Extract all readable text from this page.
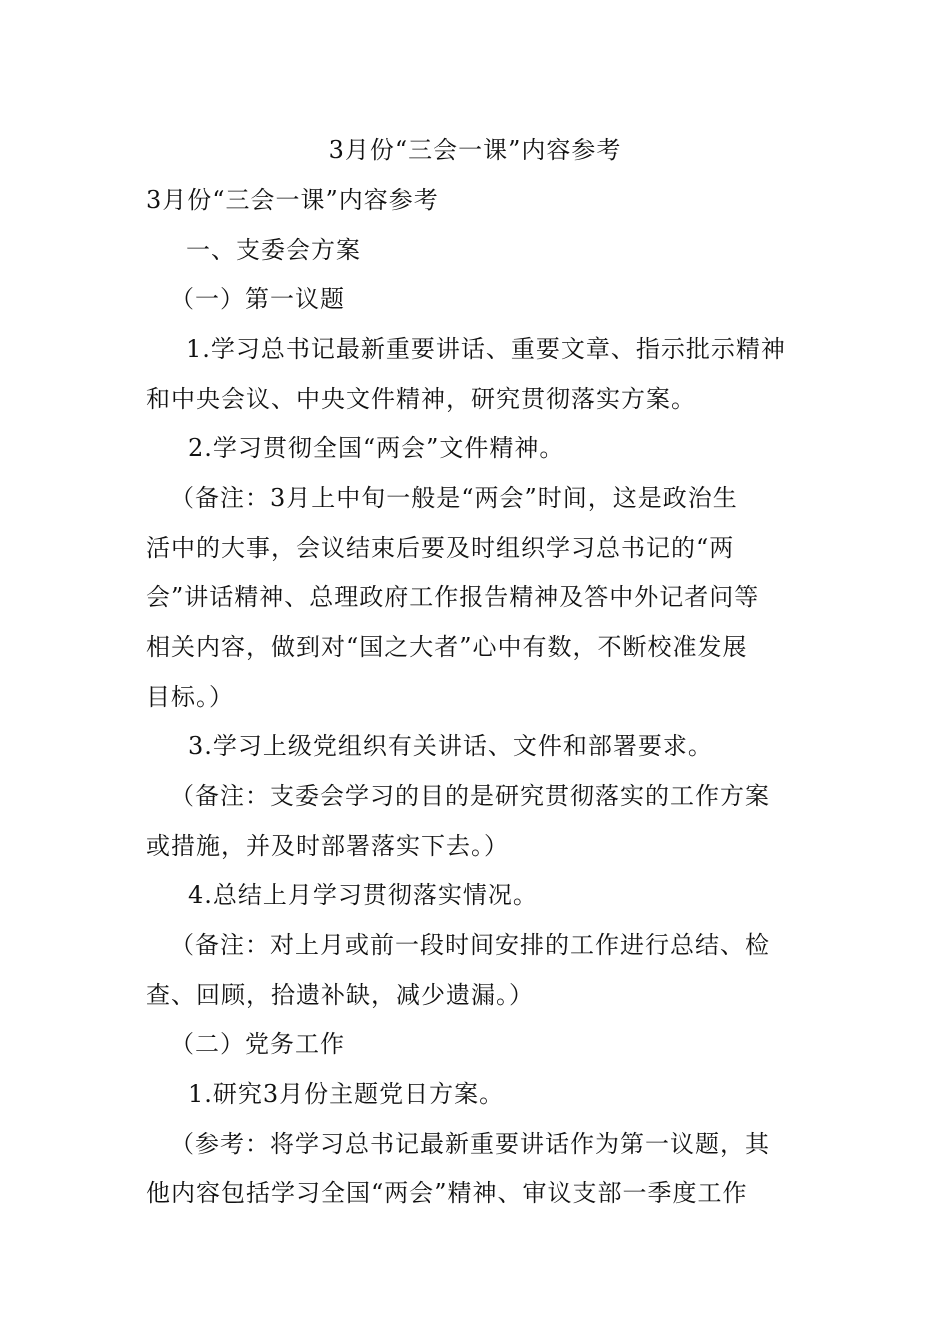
3月份“三会一课”内容参考
3月份“三会一课”内容参考
一、支委会方案
（一）第一议题
1.学习总书记最新重要讲话、重要文章、指示批示精神
和中央会议、中央文件精神，研究贯彻落实方案。
2.学习贯彻全国“两会”文件精神。
（备注：3月上中旬一般是“两会”时间，这是政治生
活中的大事，会议结束后要及时组织学习总书记的“两
会”讲话精神、总理政府工作报告精神及答中外记者问等
相关内容，做到对“国之大者”心中有数，不断校准发展
目标。）
3.学习上级党组织有关讲话、文件和部署要求。
（备注：支委会学习的目的是研究贯彻落实的工作方案
或措施，并及时部署落实下去。）
4.总结上月学习贯彻落实情况。
（备注：对上月或前一段时间安排的工作进行总结、检
查、回顾，拾遗补缺，减少遗漏。）
（二）党务工作
1.研究3月份主题党日方案。
（参考：将学习总书记最新重要讲话作为第一议题，其
他内容包括学习全国“两会”精神、审议支部一季度工作
